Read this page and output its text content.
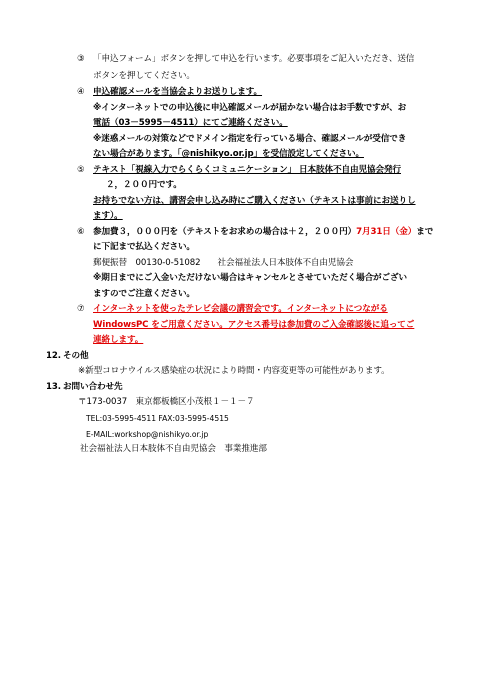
③ 「申込フォーム」ボタンを押して申込を行います。必要事項をご記入いただき、送信
ボタンを押してください。
④ 申込確認メールを当協会よりお送りします。
※インターネットでの申込後に申込確認メールが届かない場合はお手数ですが、お
電話（03－5995－4511）にてご連絡ください。
※迷惑メールの対策などでドメイン指定を行っている場合、確認メールが受信でき
ない場合があります。「@nishikyo.or.jp」を受信設定してください。
⑤ テキスト「視線入力でらくらくコミュニケーション」 日本肢体不自由児協会発行
２，２００円です。
お持ちでない方は、講習会申し込み時にご購入ください（テキストは事前にお送りし
ます）。
⑥ 参加費３，０００円を（テキストをお求めの場合は＋２，２００円）7月31日（金）まで
に下記まで払込ください。
郵便振替　00130-0-51082　　社会福祉法人日本肢体不自由児協会
※期日までにご入金いただけない場合はキャンセルとさせていただく場合がござい
ますのでご注意ください。
⑦ インターネットを使ったテレビ会議の講習会です。インターネットにつながる
WindowsPC をご用意ください。アクセス番号は参加費のご入金確認後に追ってご
連絡します。
12. その他
※新型コロナウイルス感染症の状況により時間・内容変更等の可能性があります。
13. お問い合わせ先
〒173-0037　東京都板橋区小茂根１－１－７
TEL:03-5995-4511 FAX:03-5995-4515
E-MAIL:workshop@nishikyo.or.jp
社会福祉法人日本肢体不自由児協会　事業推進部
